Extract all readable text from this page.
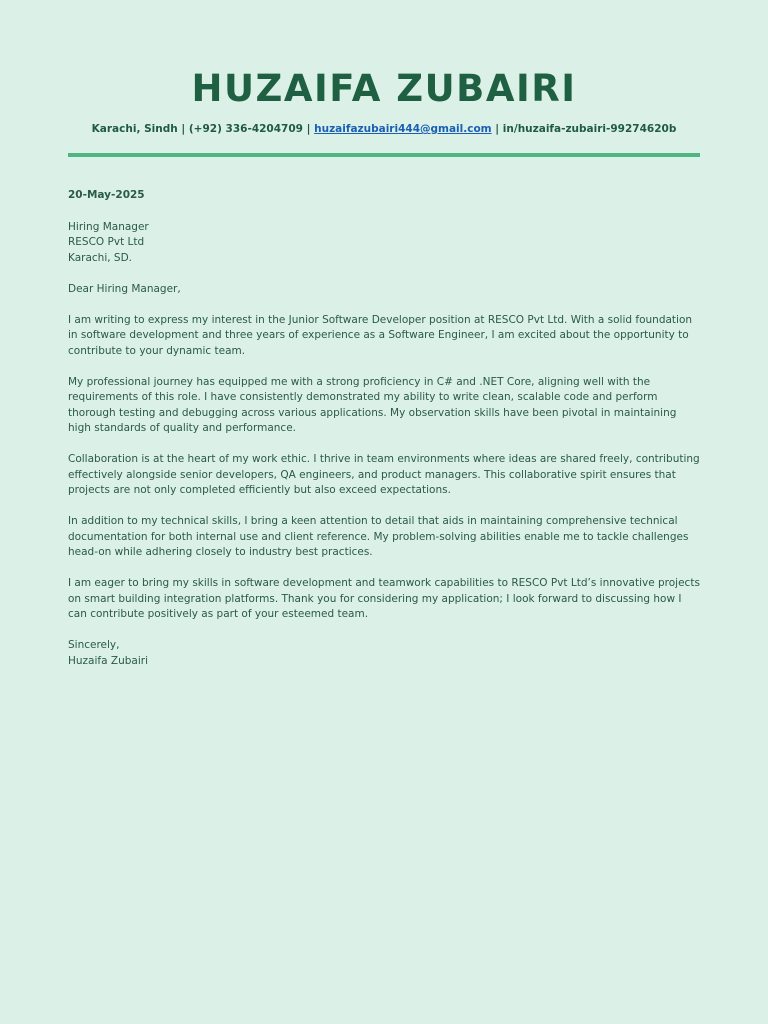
HUZAIFA ZUBAIRI
Karachi, Sindh | (+92) 336-4204709 | huzaifazubairi444@gmail.com | in/huzaifa-zubairi-99274620b
20-May-2025
Hiring Manager
RESCO Pvt Ltd
Karachi, SD.
Dear Hiring Manager,
I am writing to express my interest in the Junior Software Developer position at RESCO Pvt Ltd. With a solid foundation in software development and three years of experience as a Software Engineer, I am excited about the opportunity to contribute to your dynamic team.
My professional journey has equipped me with a strong proficiency in C# and .NET Core, aligning well with the requirements of this role. I have consistently demonstrated my ability to write clean, scalable code and perform thorough testing and debugging across various applications. My observation skills have been pivotal in maintaining high standards of quality and performance.
Collaboration is at the heart of my work ethic. I thrive in team environments where ideas are shared freely, contributing effectively alongside senior developers, QA engineers, and product managers. This collaborative spirit ensures that projects are not only completed efficiently but also exceed expectations.
In addition to my technical skills, I bring a keen attention to detail that aids in maintaining comprehensive technical documentation for both internal use and client reference. My problem-solving abilities enable me to tackle challenges head-on while adhering closely to industry best practices.
I am eager to bring my skills in software development and teamwork capabilities to RESCO Pvt Ltd’s innovative projects on smart building integration platforms. Thank you for considering my application; I look forward to discussing how I can contribute positively as part of your esteemed team.
Sincerely,
Huzaifa Zubairi
